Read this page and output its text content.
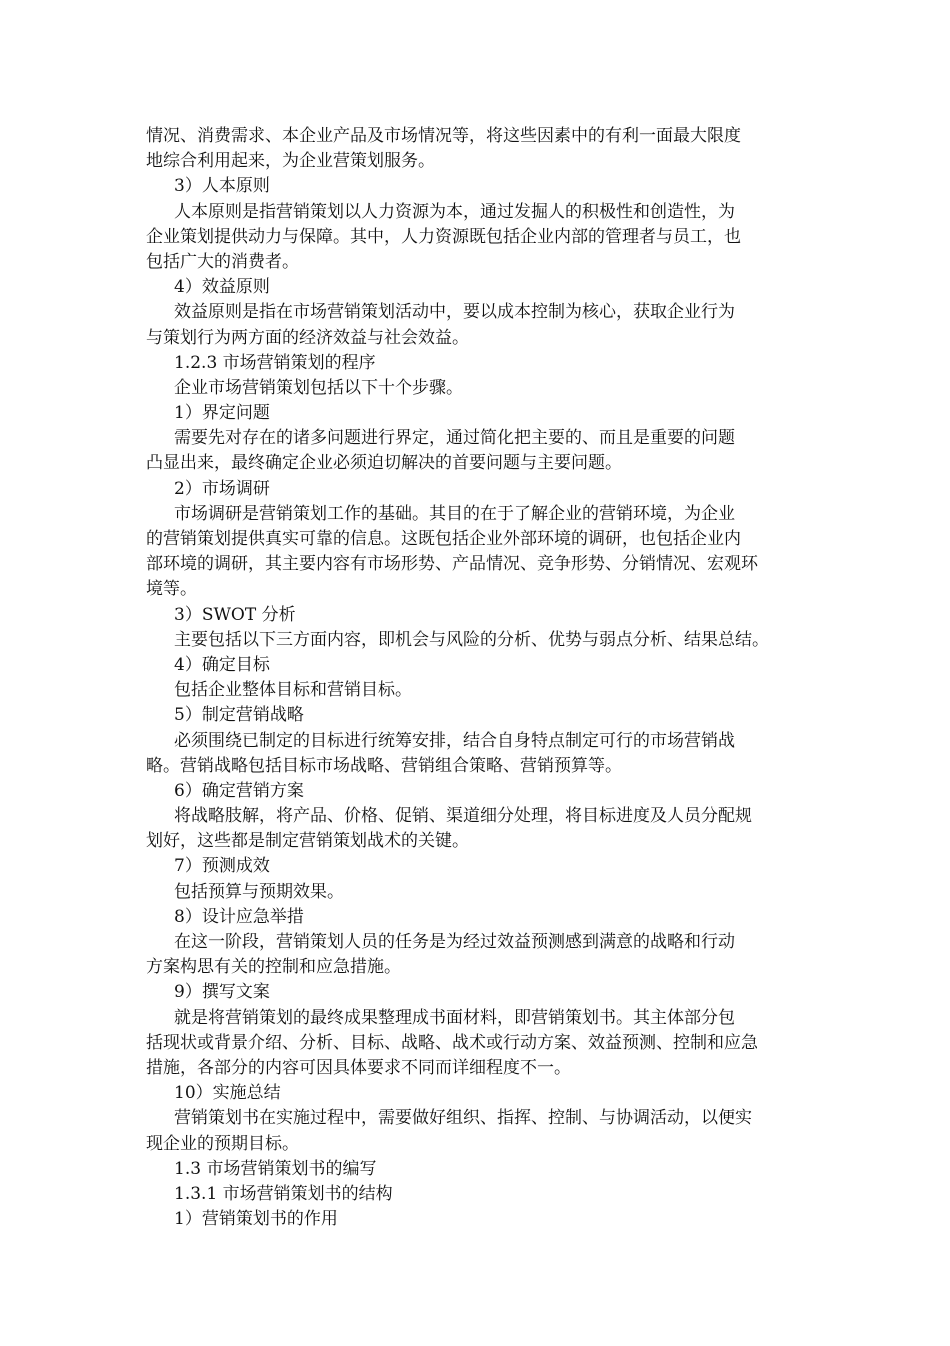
情况、消费需求、本企业产品及市场情况等，将这些因素中的有利一面最大限度
地综合利用起来，为企业营策划服务。
3）人本原则
人本原则是指营销策划以人力资源为本，通过发掘人的积极性和创造性，为
企业策划提供动力与保障。其中，人力资源既包括企业内部的管理者与员工，也
包括广大的消费者。
4）效益原则
效益原则是指在市场营销策划活动中，要以成本控制为核心，获取企业行为
与策划行为两方面的经济效益与社会效益。
1.2.3 市场营销策划的程序
企业市场营销策划包括以下十个步骤。
1）界定问题
需要先对存在的诸多问题进行界定，通过简化把主要的、而且是重要的问题
凸显出来，最终确定企业必须迫切解决的首要问题与主要问题。
2）市场调研
市场调研是营销策划工作的基础。其目的在于了解企业的营销环境，为企业
的营销策划提供真实可靠的信息。这既包括企业外部环境的调研，也包括企业内
部环境的调研，其主要内容有市场形势、产品情况、竞争形势、分销情况、宏观环
境等。
3）SWOT 分析
主要包括以下三方面内容，即机会与风险的分析、优势与弱点分析、结果总结。
4）确定目标
包括企业整体目标和营销目标。
5）制定营销战略
必须围绕已制定的目标进行统筹安排，结合自身特点制定可行的市场营销战
略。营销战略包括目标市场战略、营销组合策略、营销预算等。
6）确定营销方案
将战略肢解，将产品、价格、促销、渠道细分处理，将目标进度及人员分配规
划好，这些都是制定营销策划战术的关键。
7）预测成效
包括预算与预期效果。
8）设计应急举措
在这一阶段，营销策划人员的任务是为经过效益预测感到满意的战略和行动
方案构思有关的控制和应急措施。
9）撰写文案
就是将营销策划的最终成果整理成书面材料，即营销策划书。其主体部分包
括现状或背景介绍、分析、目标、战略、战术或行动方案、效益预测、控制和应急
措施，各部分的内容可因具体要求不同而详细程度不一。
10）实施总结
营销策划书在实施过程中，需要做好组织、指挥、控制、与协调活动，以便实
现企业的预期目标。
1.3 市场营销策划书的编写
1.3.1 市场营销策划书的结构
1）营销策划书的作用
